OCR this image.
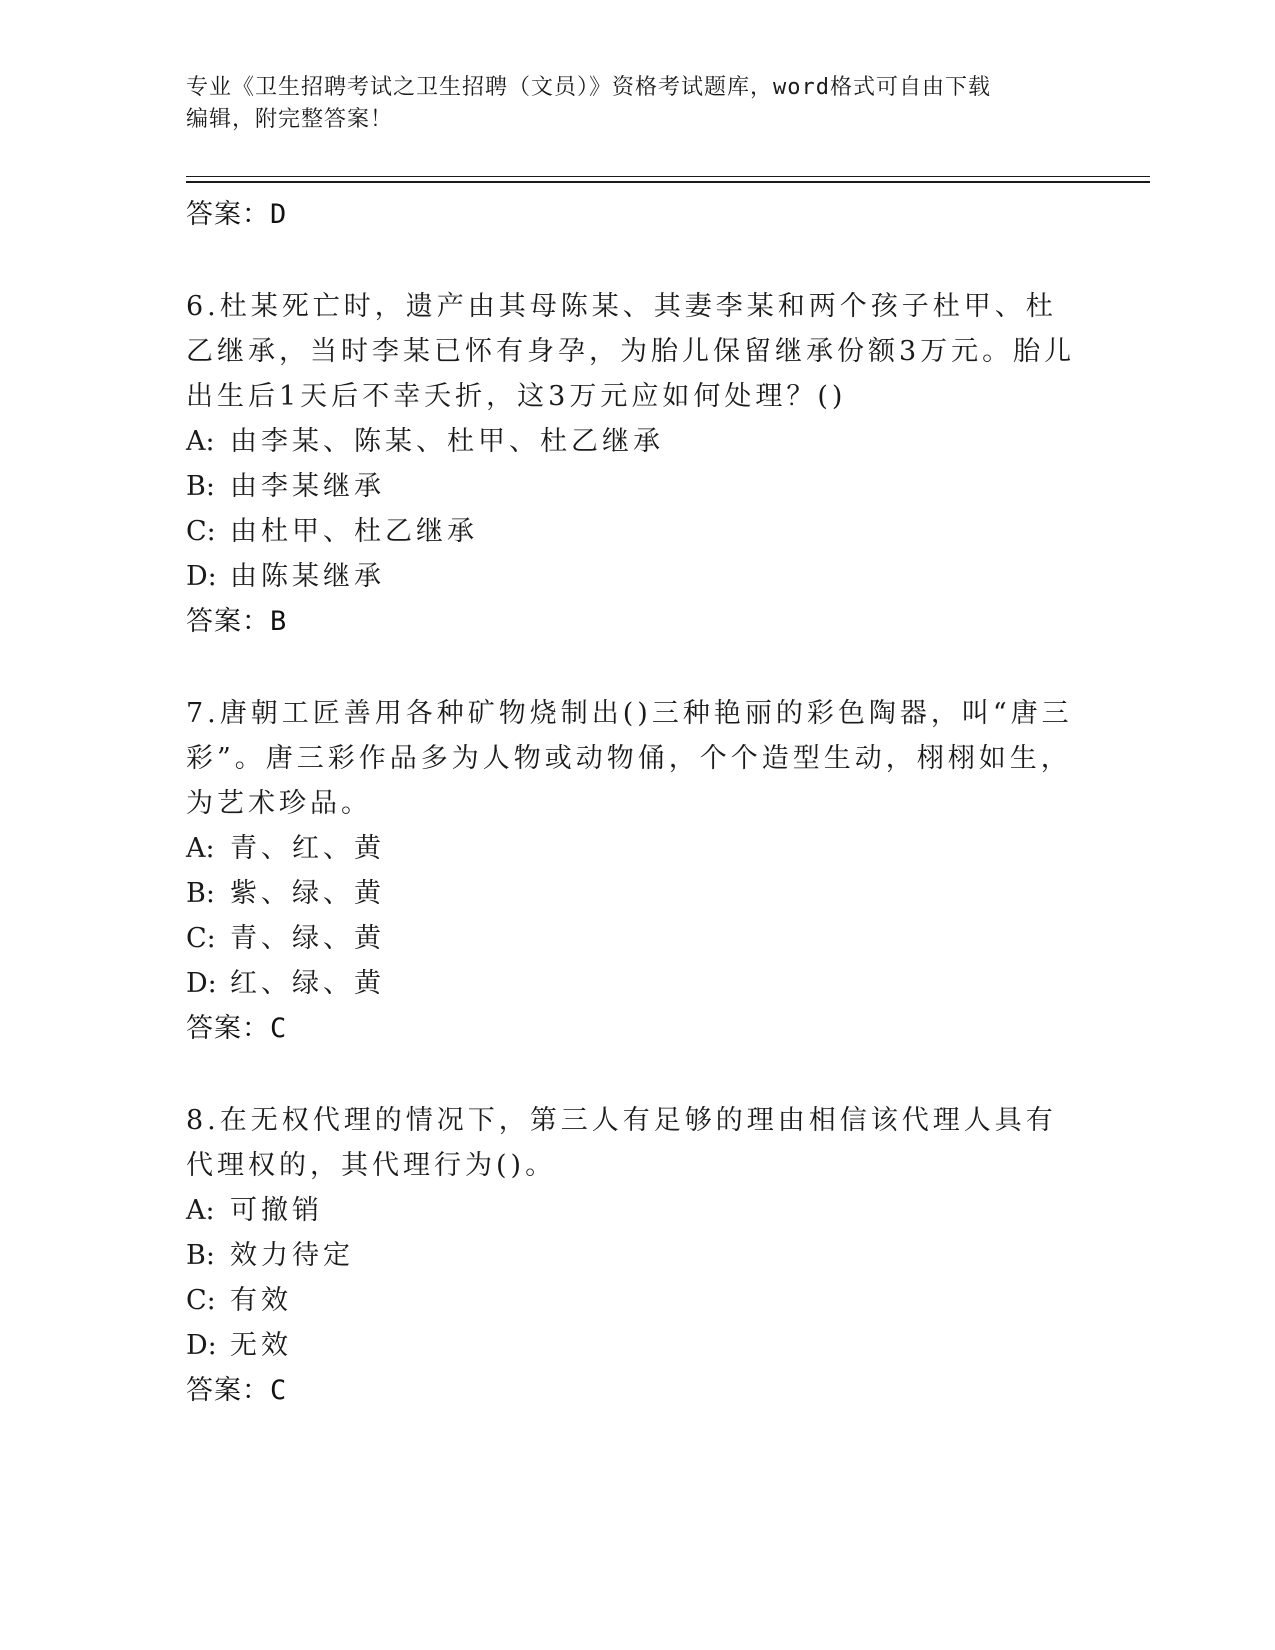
专业《卫生招聘考试之卫生招聘（文员）》资格考试题库，word格式可自由下载
编辑，附完整答案！
答案：D
6.杜某死亡时，遗产由其母陈某、其妻李某和两个孩子杜甲、杜乙继承，当时李某已怀有身孕，为胎儿保留继承份额3万元。胎儿出生后1天后不幸夭折，这3万元应如何处理？()
A: 由李某、陈某、杜甲、杜乙继承
B: 由李某继承
C: 由杜甲、杜乙继承
D: 由陈某继承
答案：B
7.唐朝工匠善用各种矿物烧制出()三种艳丽的彩色陶器，叫“唐三彩”。唐三彩作品多为人物或动物俑，个个造型生动，栩栩如生，为艺术珍品。
A: 青、红、黄
B: 紫、绿、黄
C: 青、绿、黄
D: 红、绿、黄
答案：C
8.在无权代理的情况下，第三人有足够的理由相信该代理人具有代理权的，其代理行为()。
A: 可撤销
B: 效力待定
C: 有效
D: 无效
答案：C
